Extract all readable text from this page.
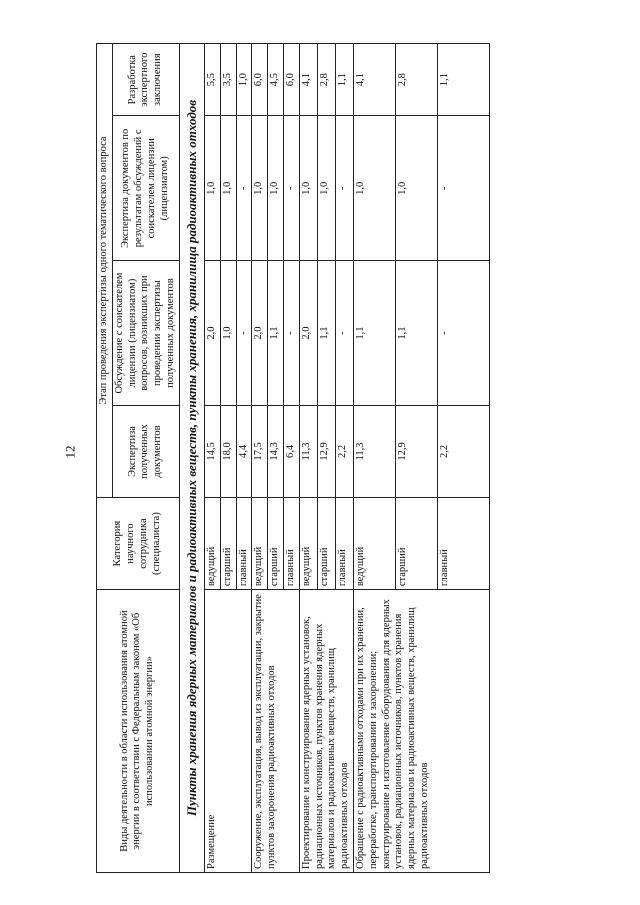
12
Виды деятельности в области использования атомной энергии в соответствии с Федеральным законом «Об использовании атомной энергии»	Категория научного сотрудника (специалиста)	Этап проведения экспертизы одного тематического вопроса			
		Экспертиза полученных документов	Обсуждение с соискателем лицензии (лицензиатом) вопросов, возникших при проведении экспертизы полученных документов	Экспертиза документов по результатам обсуждений с соискателем лицензии (лицензиатом)	Разработка экспертного заключения
Пункты хранения ядерных материалов и радиоактивных веществ, пункты хранения, хранилища радиоактивных отходов					
Размещение	ведущий	14,5	2,0	1,0	5,5
	старший	18,0	1,0	1,0	3,5
	главный	4,4	-	-	1,0
Сооружение, эксплуатация, вывод из эксплуатации, закрытие пунктов захоронения радиоактивных отходов	ведущий	17,5	2,0	1,0	6,0
	старший	14,3	1,1	1,0	4,5
	главный	6,4	-	-	6,0
Проектирование и конструирование ядерных установок, радиационных источников, пунктов хранения ядерных материалов и радиоактивных веществ, хранилищ радиоактивных отходов	ведущий	11,3	2,0	1,0	4,1
	старший	12,9	1,1	1,0	2,8
	главный	2,2	-	-	1,1
Обращение с радиоактивными отходами при их хранении, переработке, транспортировании и захоронении; конструирование и изготовление оборудования для ядерных установок, радиационных источников, пунктов хранения ядерных материалов и радиоактивных веществ, хранилищ радиоактивных отходов	ведущий	11,3	1,1	1,0	4,1
	старший	12,9	1,1	1,0	2,8
	главный	2,2	-	-	1,1
